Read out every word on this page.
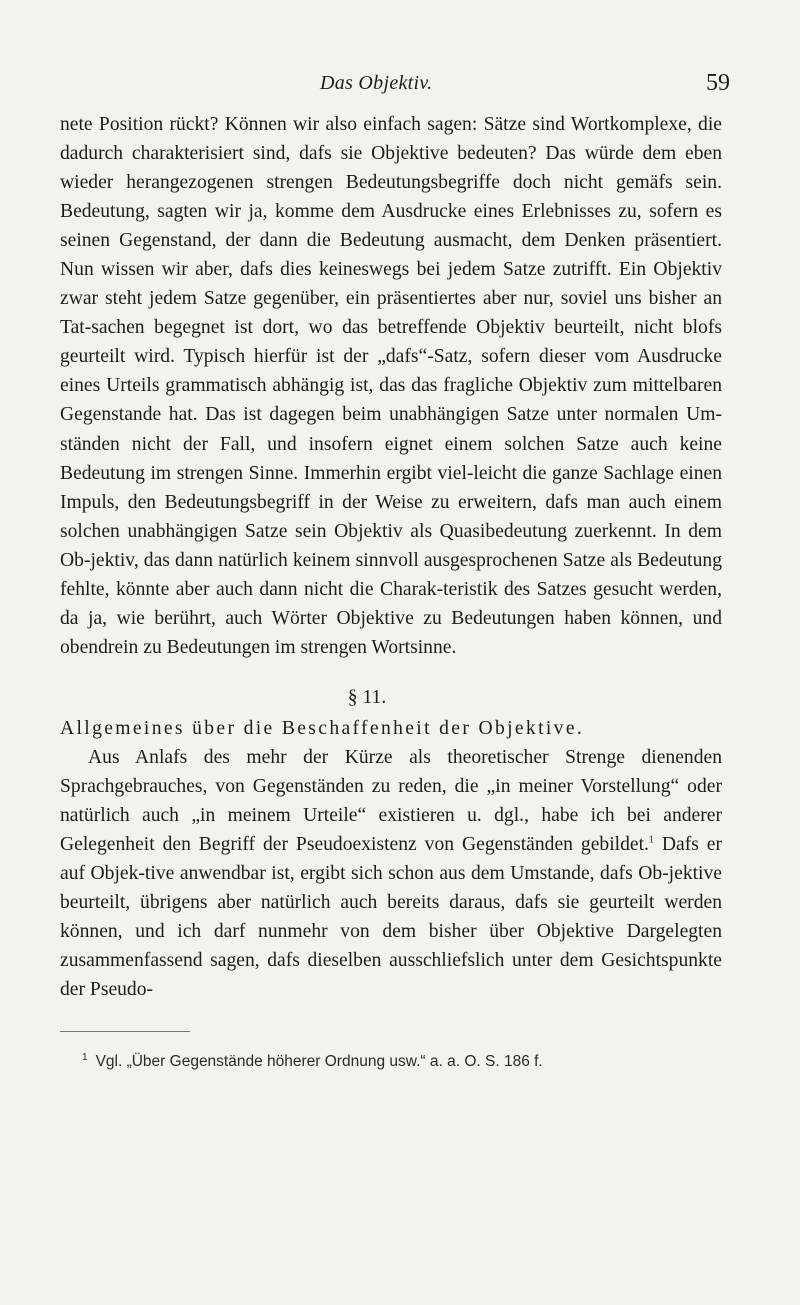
Das Objektiv.	59

nete Position rückt? Können wir also einfach sagen: Sätze sind Wortkomplexe, die dadurch charakterisiert sind, dafs sie Objektive bedeuten? Das würde dem eben wieder herangezogenen strengen Bedeutungsbegriffe doch nicht gemäfs sein. Bedeutung, sagten wir ja, komme dem Ausdrucke eines Erlebnisses zu, sofern es seinen Gegenstand, der dann die Bedeutung ausmacht, dem Denken präsentiert. Nun wissen wir aber, dafs dies keineswegs bei jedem Satze zutrifft. Ein Objektiv zwar steht jedem Satze gegenüber, ein präsentiertes aber nur, soviel uns bisher an Tat-sachen begegnet ist dort, wo das betreffende Objektiv beurteilt, nicht blofs geurteilt wird. Typisch hierfür ist der „dafs“-Satz, sofern dieser vom Ausdrucke eines Urteils grammatisch abhängig ist, das das fragliche Objektiv zum mittelbaren Gegenstande hat. Das ist dagegen beim unabhängigen Satze unter normalen Um-ständen nicht der Fall, und insofern eignet einem solchen Satze auch keine Bedeutung im strengen Sinne. Immerhin ergibt viel-leicht die ganze Sachlage einen Impuls, den Bedeutungsbegriff in der Weise zu erweitern, dafs man auch einem solchen unabhängigen Satze sein Objektiv als Quasibedeutung zuerkennt. In dem Ob-jektiv, das dann natürlich keinem sinnvoll ausgesprochenen Satze als Bedeutung fehlte, könnte aber auch dann nicht die Charak-teristik des Satzes gesucht werden, da ja, wie berührt, auch Wörter Objektive zu Bedeutungen haben können, und obendrein zu Bedeutungen im strengen Wortsinne.

§ 11.

Allgemeines über die Beschaffenheit der Objektive.

Aus Anlafs des mehr der Kürze als theoretischer Strenge dienenden Sprachgebrauches, von Gegenständen zu reden, die „in meiner Vorstellung“ oder natürlich auch „in meinem Urteile“ existieren u. dgl., habe ich bei anderer Gelegenheit den Begriff der Pseudoexistenz von Gegenständen gebildet.$^1$ Dafs er auf Objek-tive anwendbar ist, ergibt sich schon aus dem Umstande, dafs Ob-jektive beurteilt, übrigens aber natürlich auch bereits daraus, dafs sie geurteilt werden können, und ich darf nunmehr von dem bisher über Objektive Dargelegten zusammenfassend sagen, dafs dieselben ausschliefslich unter dem Gesichtspunkte der Pseudo-

$^1$ Vgl. „Über Gegenstände höherer Ordnung usw.“ a. a. O. S. 186 f.
